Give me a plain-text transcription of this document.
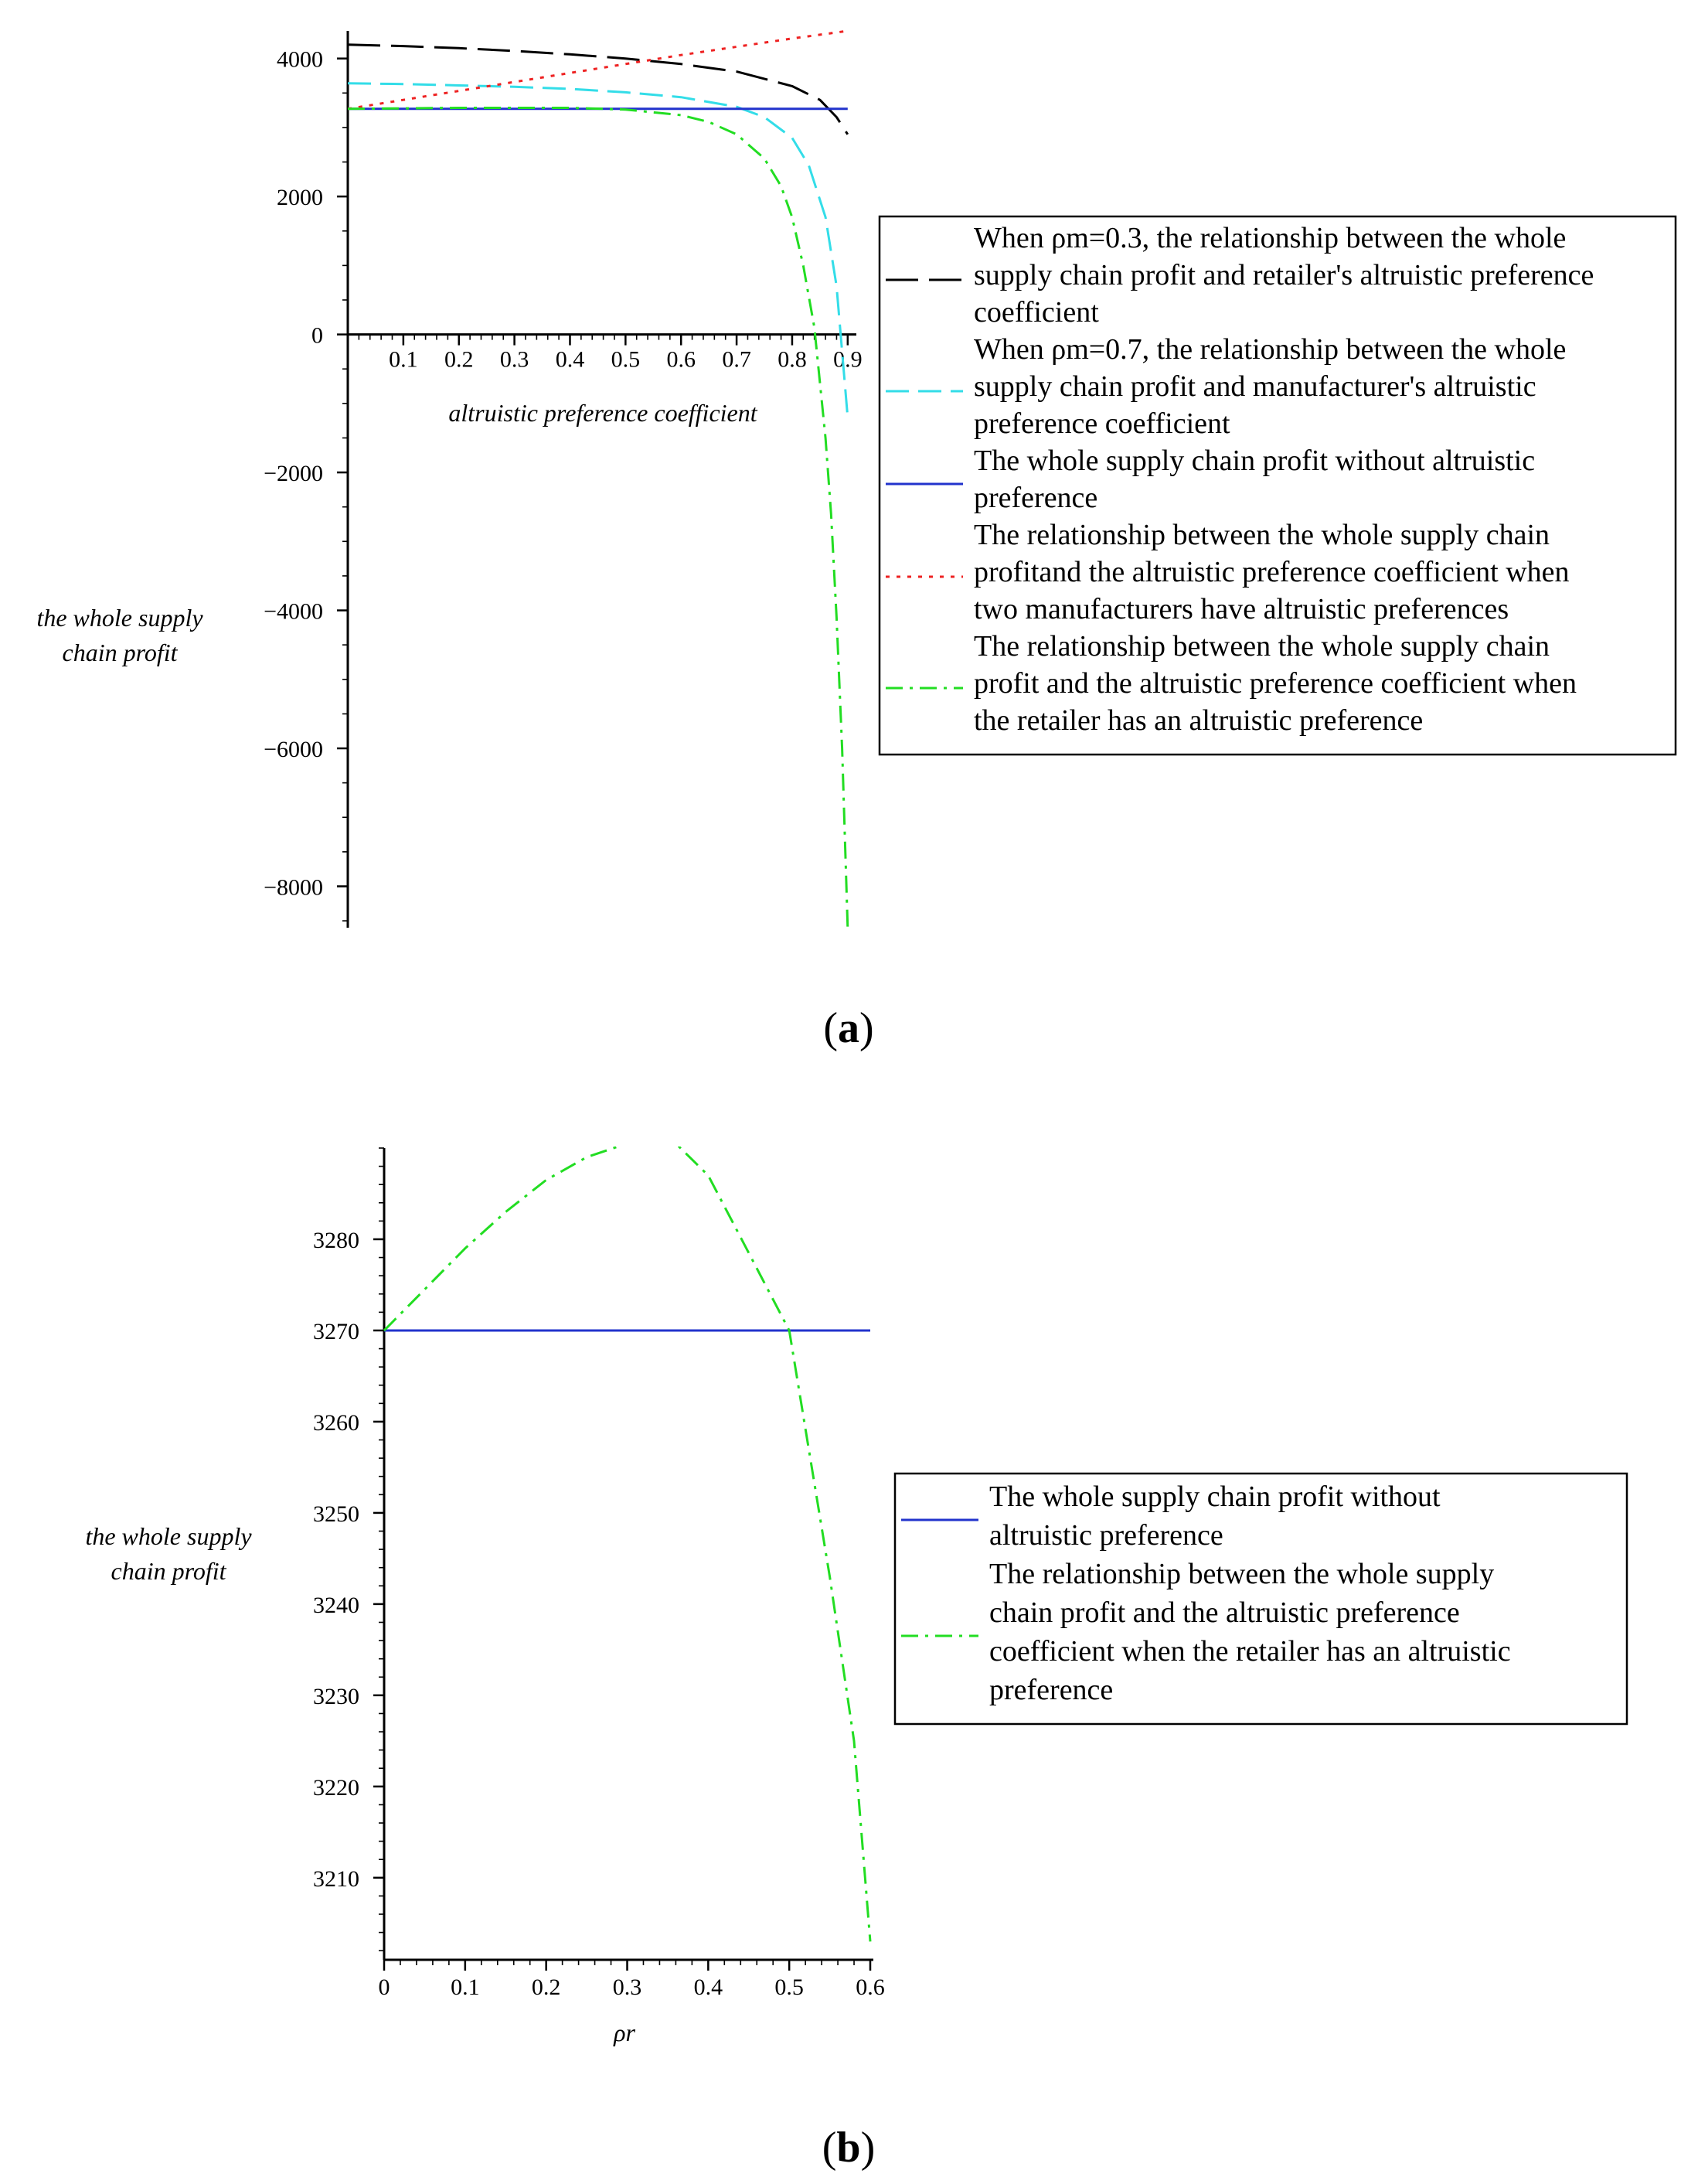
0.1 0.2 0.3 0.4 0.5 0.6 0.7 0.8 0.9
4000
2000
0
−2000
−4000
−6000
−8000
altruistic preference coefficient
the whole supply
chain profit
When ρm=0.3, the relationship between the whole
supply chain profit and retailer's altruistic preference
coefficient
When ρm=0.7, the relationship between the whole
supply chain profit and manufacturer's altruistic
preference coefficient
The whole supply chain profit without altruistic
preference
The relationship between the whole supply chain
profitand the altruistic preference coefficient when
two manufacturers have altruistic preferences
The relationship between the whole supply chain
profit and the altruistic preference coefficient when
the retailer has an altruistic preference
(a)
0	0.1 0.2 0.3 0.4 0.5 0.6
3280
3270
3260
3250
3240
3230
3220
3210
ρr
the whole supply
chain profit
The whole supply chain profit without
altruistic preference
The relationship between the whole supply
chain profit and the altruistic preference
coefficient when the retailer has an altruistic
preference
(b)
